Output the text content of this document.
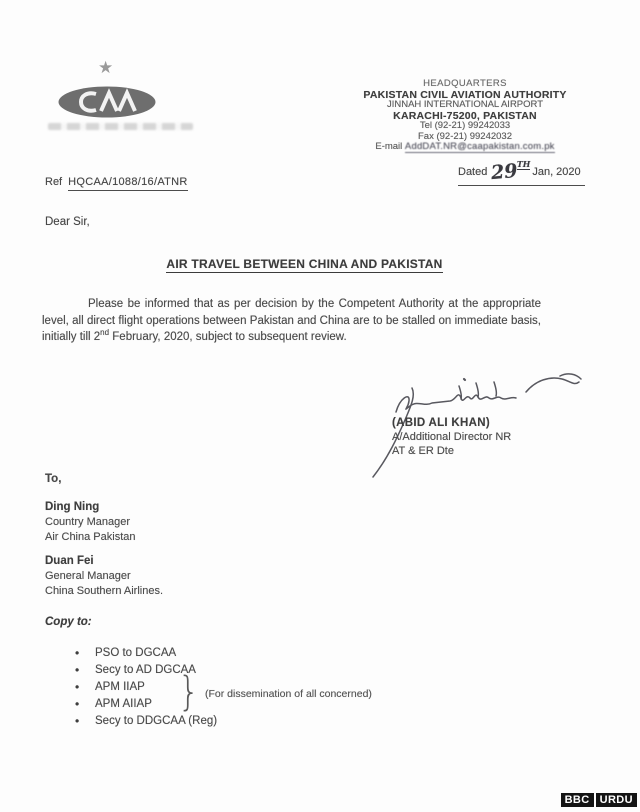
★
HEADQUARTERS
PAKISTAN CIVIL AVIATION AUTHORITY
JINNAH INTERNATIONAL AIRPORT
KARACHI-75200, PAKISTAN
Tel (92-21) 99242033
Fax (92-21) 99242032
E-mail AddDAT.NR@caapakistan.com.pk
Ref HQCAA/1088/16/ATNR
Dated 29THJan, 2020
Dear Sir,
AIR TRAVEL BETWEEN CHINA AND PAKISTAN
Please be informed that as per decision by the Competent Authority at the appropriate level, all direct flight operations between Pakistan and China are to be stalled on immediate basis, initially till 2nd February, 2020, subject to subsequent review.
(ABID ALI KHAN)
A/Additional Director NR
AT & ER Dte
To,
Ding Ning
Country Manager
Air China Pakistan
Duan Fei
General Manager
China Southern Airlines.
Copy to:
•	PSO to DGCAA
•	Secy to AD DGCAA
•	APM IIAP
•	APM AIIAP
•	Secy to DDGCAA (Reg)
} (For dissemination of all concerned)
BBC URDU
